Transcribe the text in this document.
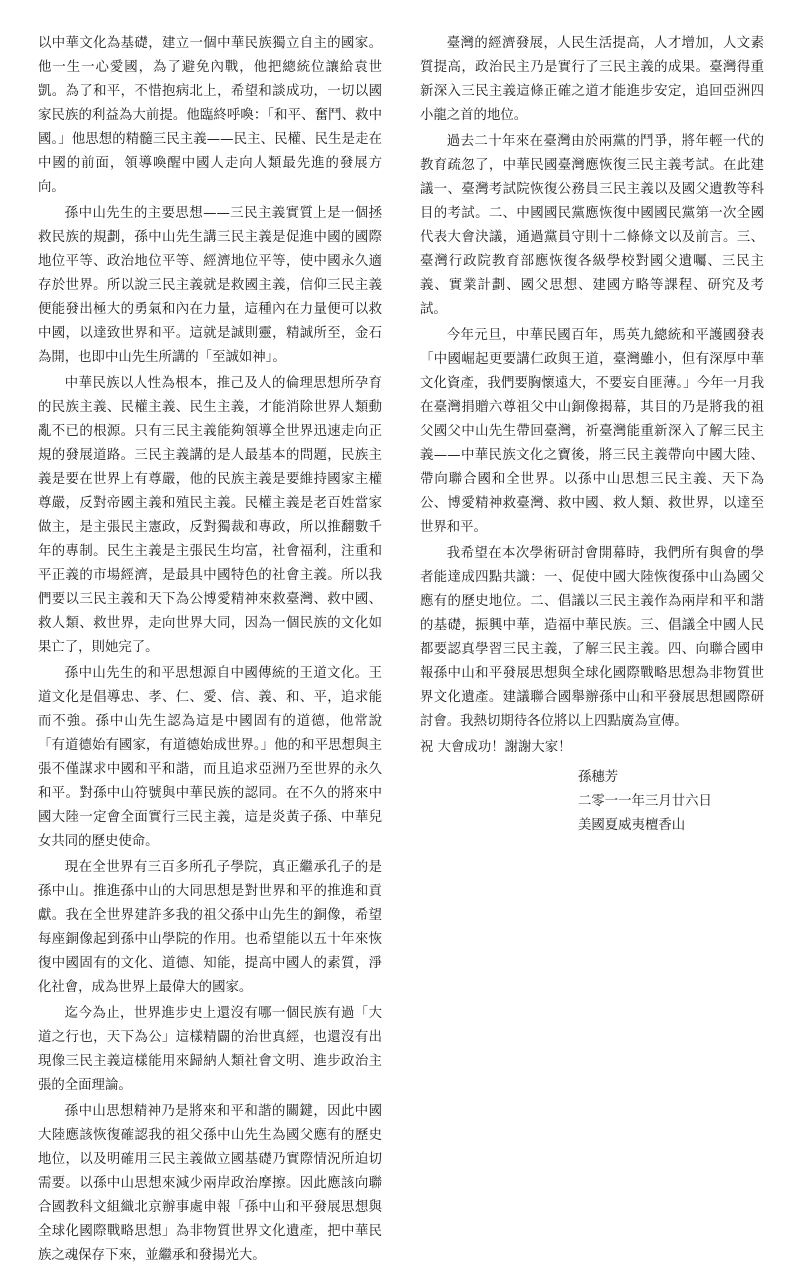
以中華文化為基礎，建立一個中華民族獨立自主的國家。他一生一心愛國，為了避免內戰，他把總統位讓給袁世凱。為了和平，不惜抱病北上，希望和談成功，一切以國家民族的利益為大前提。他臨終呼喚：「和平、奮鬥、救中國。」他思想的精髓三民主義——民主、民權、民生是走在中國的前面，領導喚醒中國人走向人類最先進的發展方向。

孫中山先生的主要思想——三民主義實質上是一個拯救民族的規劃，孫中山先生講三民主義是促進中國的國際地位平等、政治地位平等、經濟地位平等，使中國永久適存於世界。所以說三民主義就是救國主義，信仰三民主義便能發出極大的勇氣和內在力量，這種內在力量便可以救中國，以達致世界和平。這就是誠則靈，精誠所至，金石為開，也即中山先生所講的「至誠如神」。

中華民族以人性為根本，推己及人的倫理思想所孕育的民族主義、民權主義、民生主義，才能消除世界人類動亂不已的根源。只有三民主義能夠領導全世界迅速走向正規的發展道路。三民主義講的是人最基本的問題，民族主義是要在世界上有尊嚴，他的民族主義是要維持國家主權尊嚴，反對帝國主義和殖民主義。民權主義是老百姓當家做主，是主張民主憲政，反對獨裁和專政，所以推翻數千年的專制。民生主義是主張民生均富，社會福利，注重和平正義的市場經濟，是最具中國特色的社會主義。所以我們要以三民主義和天下為公博愛精神來救臺灣、救中國、救人類、救世界，走向世界大同，因為一個民族的文化如果亡了，則她完了。

孫中山先生的和平思想源自中國傳統的王道文化。王道文化是倡導忠、孝、仁、愛、信、義、和、平，追求能而不強。孫中山先生認為這是中國固有的道德，他常說「有道德始有國家，有道德始成世界。」他的和平思想與主張不僅謀求中國和平和諧，而且追求亞洲乃至世界的永久和平。對孫中山符號與中華民族的認同。在不久的將來中國大陸一定會全面實行三民主義，這是炎黃子孫、中華兒女共同的歷史使命。

現在全世界有三百多所孔子學院，真正繼承孔子的是孫中山。推進孫中山的大同思想是對世界和平的推進和貢獻。我在全世界建許多我的祖父孫中山先生的銅像，希望每座銅像起到孫中山學院的作用。也希望能以五十年來恢復中國固有的文化、道德、知能，提高中國人的素質，淨化社會，成為世界上最偉大的國家。

迄今為止，世界進步史上還沒有哪一個民族有過「大道之行也，天下為公」這樣精闢的治世真經，也還沒有出現像三民主義這樣能用來歸納人類社會文明、進步政治主張的全面理論。

孫中山思想精神乃是將來和平和諧的關鍵，因此中國大陸應該恢復確認我的祖父孫中山先生為國父應有的歷史地位，以及明確用三民主義做立國基礎乃實際情況所迫切需要。以孫中山思想來減少兩岸政治摩擦。因此應該向聯合國教科文組織北京辦事處申報「孫中山和平發展思想與全球化國際戰略思想」為非物質世界文化遺產，把中華民族之魂保存下來，並繼承和發揚光大。

臺灣的經濟發展，人民生活提高，人才增加，人文素質提高，政治民主乃是實行了三民主義的成果。臺灣得重新深入三民主義這條正確之道才能進步安定，追回亞洲四小龍之首的地位。

過去二十年來在臺灣由於兩黨的鬥爭，將年輕一代的教育疏忽了，中華民國臺灣應恢復三民主義考試。在此建議一、臺灣考試院恢復公務員三民主義以及國父遺教等科目的考試。二、中國國民黨應恢復中國國民黨第一次全國代表大會決議，通過黨員守則十二條條文以及前言。三、臺灣行政院教育部應恢復各級學校對國父遺囑、三民主義、實業計劃、國父思想、建國方略等課程、研究及考試。

今年元旦，中華民國百年，馬英九總統和平護國發表「中國崛起更要講仁政與王道，臺灣雖小，但有深厚中華文化資產，我們要胸懷遠大，不要妄自匪薄。」今年一月我在臺灣捐贈六尊祖父中山銅像揭幕，其目的乃是將我的祖父國父中山先生帶回臺灣，祈臺灣能重新深入了解三民主義——中華民族文化之寶後，將三民主義帶向中國大陸、帶向聯合國和全世界。以孫中山思想三民主義、天下為公、博愛精神救臺灣、救中國、救人類、救世界，以達至世界和平。

我希望在本次學術研討會開幕時，我們所有與會的學者能達成四點共識：一、促使中國大陸恢復孫中山為國父應有的歷史地位。二、倡議以三民主義作為兩岸和平和諧的基礎，振興中華，造福中華民族。三、倡議全中國人民都要認真學習三民主義，了解三民主義。四、向聯合國申報孫中山和平發展思想與全球化國際戰略思想為非物質世界文化遺產。建議聯合國舉辦孫中山和平發展思想國際研討會。我熱切期待各位將以上四點廣為宣傳。

祝 大會成功！謝謝大家！

孫穗芳
二零一一年三月廿六日
美國夏威夷檀香山
